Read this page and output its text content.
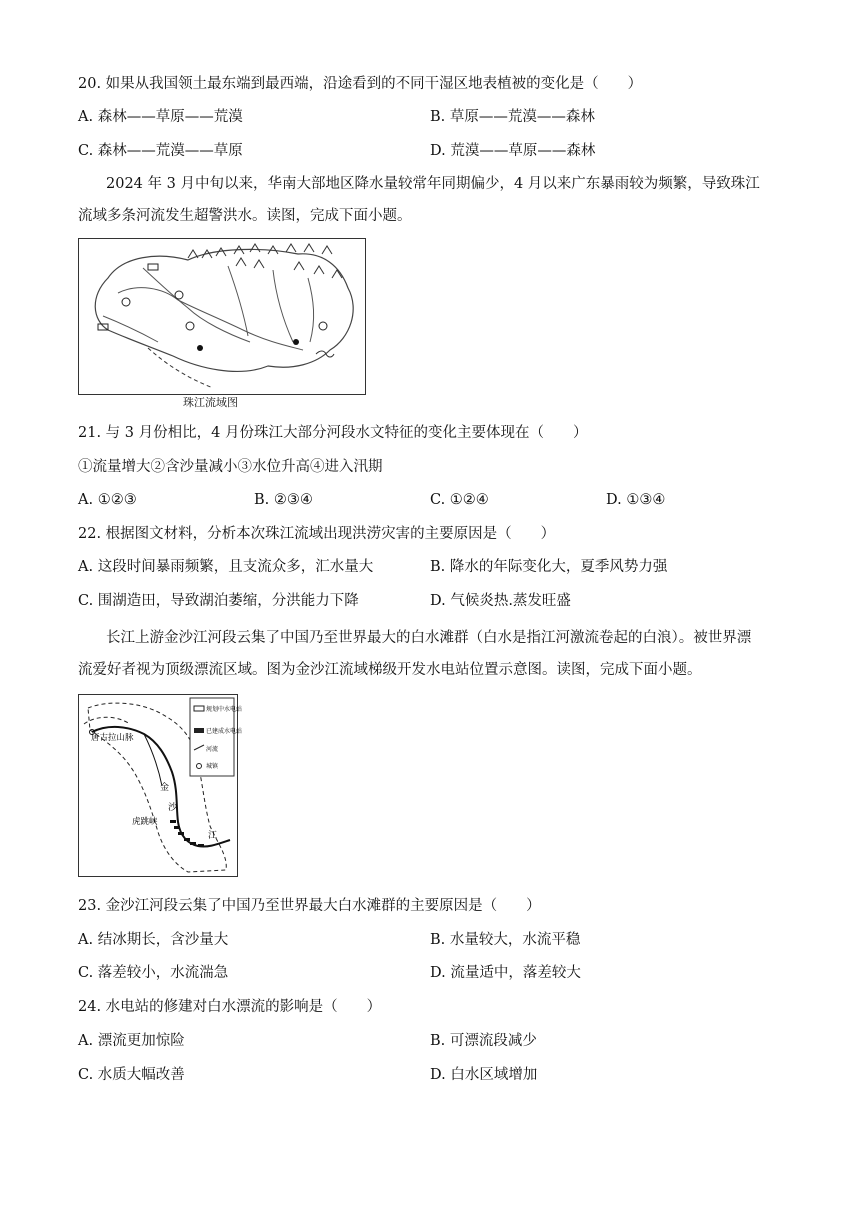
20. 如果从我国领土最东端到最西端，沿途看到的不同干湿区地表植被的变化是（　　）
A. 森林——草原——荒漠	B. 草原——荒漠——森林
C. 森林——荒漠——草原	D. 荒漠——草原——森林
2024 年 3 月中旬以来，华南大部地区降水量较常年同期偏少，4 月以来广东暴雨较为频繁，导致珠江
流域多条河流发生超警洪水。读图，完成下面小题。
珠江流域图
21. 与 3 月份相比，4 月份珠江大部分河段水文特征的变化主要体现在（　　）
①流量增大②含沙量减小③水位升高④进入汛期
A. ①②③	B. ②③④	C. ①②④	D. ①③④
22. 根据图文材料，分析本次珠江流域出现洪涝灾害的主要原因是（　　）
A. 这段时间暴雨频繁，且支流众多，汇水量大	B. 降水的年际变化大，夏季风势力强
C. 围湖造田，导致湖泊萎缩，分洪能力下降	D. 气候炎热.蒸发旺盛
长江上游金沙江河段云集了中国乃至世界最大的白水滩群（白水是指江河激流卷起的白浪）。被世界漂
流爱好者视为顶级漂流区域。图为金沙江流域梯级开发水电站位置示意图。读图，完成下面小题。
唐古拉山脉
金
沙
江
虎跳峡
规划中水电站
已建成水电站
河流
城镇
23. 金沙江河段云集了中国乃至世界最大白水滩群的主要原因是（　　）
A. 结冰期长，含沙量大	B. 水量较大，水流平稳
C. 落差较小，水流湍急	D. 流量适中，落差较大
24. 水电站的修建对白水漂流的影响是（　　）
A. 漂流更加惊险	B. 可漂流段减少
C. 水质大幅改善	D. 白水区域增加
